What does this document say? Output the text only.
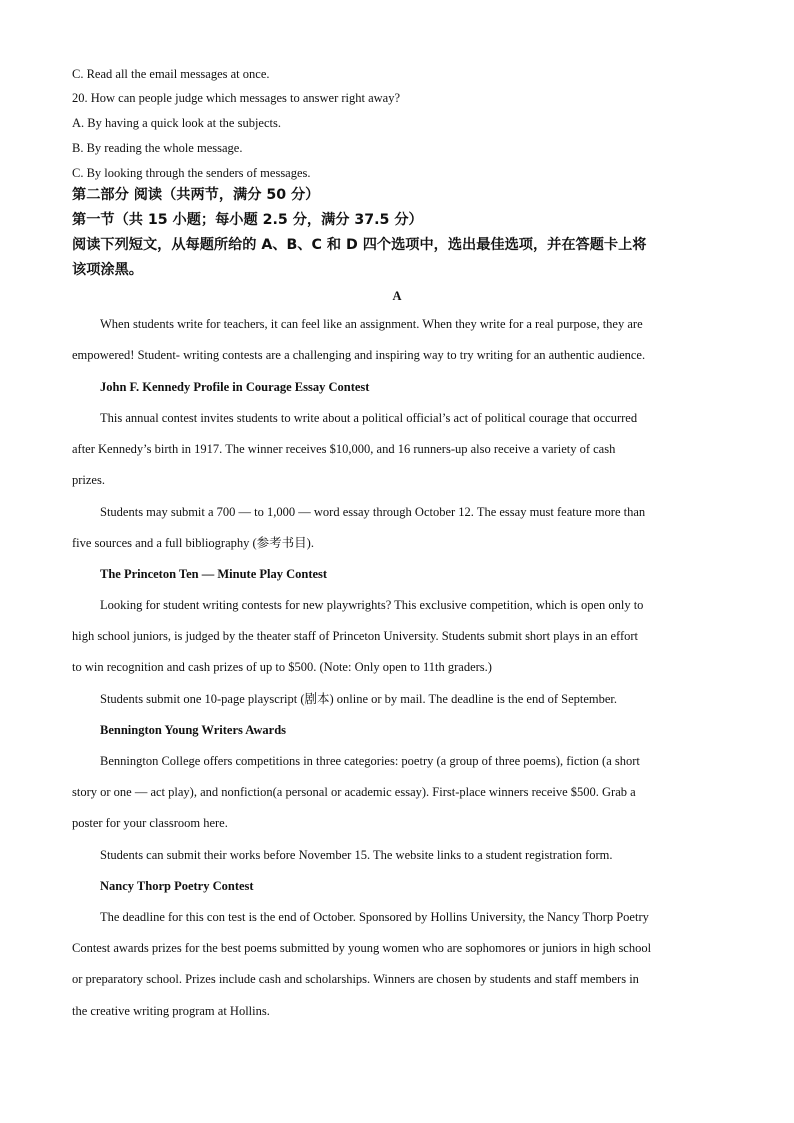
C. Read all the email messages at once.
20. How can people judge which messages to answer right away?
A. By having a quick look at the subjects.
B. By reading the whole message.
C. By looking through the senders of messages.
第二部分 阅读（共两节，满分 50 分）
第一节（共 15 小题；每小题 2.5 分，满分 37.5 分）
阅读下列短文，从每题所给的 A、B、C 和 D 四个选项中，选出最佳选项，并在答题卡上将
该项涂黑。
A
When students write for teachers, it can feel like an assignment. When they write for a real purpose, they are
empowered! Student- writing contests are a challenging and inspiring way to try writing for an authentic audience.
John F. Kennedy Profile in Courage Essay Contest
This annual contest invites students to write about a political official’s act of political courage that occurred
after Kennedy’s birth in 1917. The winner receives $10,000, and 16 runners-up also receive a variety of cash
prizes.
Students may submit a 700 — to 1,000 — word essay through October 12. The essay must feature more than
five sources and a full bibliography (参考书目).
The Princeton Ten — Minute Play Contest
Looking for student writing contests for new playwrights? This exclusive competition, which is open only to
high school juniors, is judged by the theater staff of Princeton University. Students submit short plays in an effort
to win recognition and cash prizes of up to $500. (Note: Only open to 11th graders.)
Students submit one 10-page playscript (剧本) online or by mail. The deadline is the end of September.
Bennington Young Writers Awards
Bennington College offers competitions in three categories: poetry (a group of three poems), fiction (a short
story or one — act play), and nonfiction(a personal or academic essay). First-place winners receive $500. Grab a
poster for your classroom here.
Students can submit their works before November 15. The website links to a student registration form.
Nancy Thorp Poetry Contest
The deadline for this con test is the end of October. Sponsored by Hollins University, the Nancy Thorp Poetry
Contest awards prizes for the best poems submitted by young women who are sophomores or juniors in high school
or preparatory school. Prizes include cash and scholarships. Winners are chosen by students and staff members in
the creative writing program at Hollins.
